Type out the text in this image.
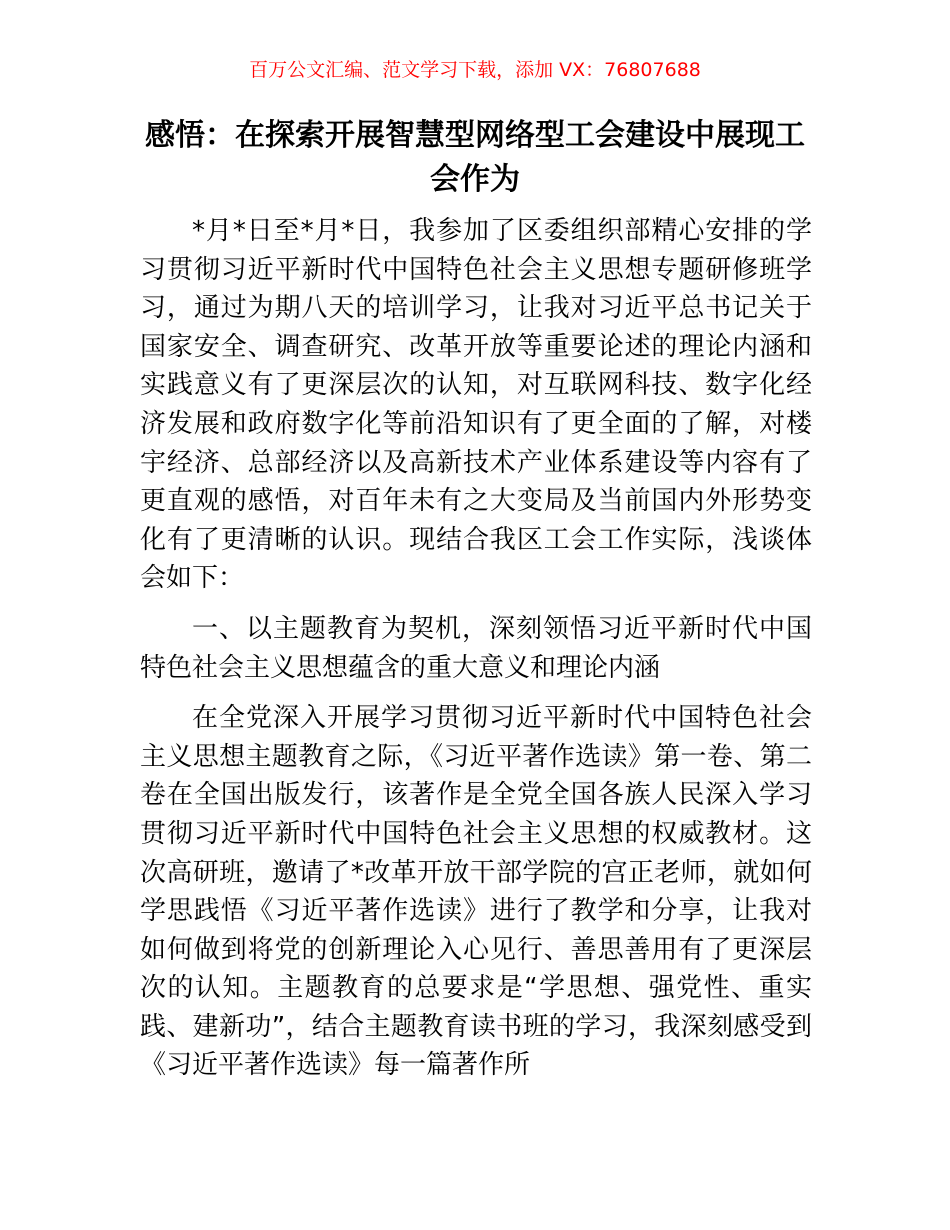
百万公文汇编、范文学习下载，添加 VX：76807688
感悟：在探索开展智慧型网络型工会建设中展现工会作为

*月*日至*月*日，我参加了区委组织部精心安排的学习贯彻习近平新时代中国特色社会主义思想专题研修班学习，通过为期八天的培训学习，让我对习近平总书记关于国家安全、调查研究、改革开放等重要论述的理论内涵和实践意义有了更深层次的认知，对互联网科技、数字化经济发展和政府数字化等前沿知识有了更全面的了解，对楼宇经济、总部经济以及高新技术产业体系建设等内容有了更直观的感悟，对百年未有之大变局及当前国内外形势变化有了更清晰的认识。现结合我区工会工作实际，浅谈体会如下：

一、以主题教育为契机，深刻领悟习近平新时代中国特色社会主义思想蕴含的重大意义和理论内涵

在全党深入开展学习贯彻习近平新时代中国特色社会主义思想主题教育之际，《习近平著作选读》第一卷、第二卷在全国出版发行，该著作是全党全国各族人民深入学习贯彻习近平新时代中国特色社会主义思想的权威教材。这次高研班，邀请了*改革开放干部学院的宫正老师，就如何学思践悟《习近平著作选读》进行了教学和分享，让我对如何做到将党的创新理论入心见行、善思善用有了更深层次的认知。主题教育的总要求是“学思想、强党性、重实践、建新功”，结合主题教育读书班的学习，我深刻感受到《习近平著作选读》每一篇著作所
